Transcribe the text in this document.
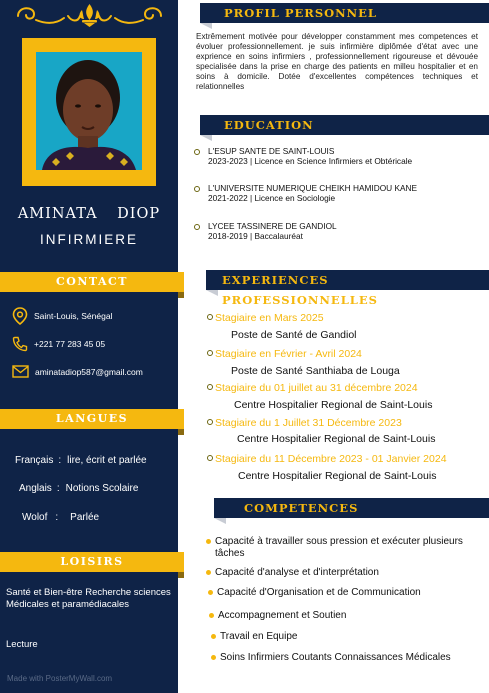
AMINATA DIOP
INFIRMIERE
CONTACT
Saint-Louis, Sénégal
+221 77 283 45 05
aminatadiop587@gmail.com
LANGUES
Français : lire, écrit et parlée
Anglais : Notions Scolaire
Wolof : Parlée
LOISIRS
Santé et Bien-être Recherche sciences Médicales et paramédiacales
Lecture
Made with PosterMyWall.com
PROFIL PERSONNEL
Extrêmement motivée pour développer constamment mes competences et évoluer professionnellement. je suis infirmière diplômée d'état avec une exprience en soins infirmiers , professionnellement rigoureuse et dévouée specialisée dans la prise en charge des patients en milleu hospitalier et en soins à domicile. Dotée d'excellentes compétences techniques et relationnelles
EDUCATION
L'ESUP SANTE DE SAINT-LOUIS
2023-2023 | Licence en Science Infirmiers et Obtéricale
L'UNIVERSITE NUMERIQUE CHEIKH HAMIDOU KANE
2021-2022 | Licence en Sociologie
LYCEE TASSINERE DE GANDIOL
2018-2019 | Baccalauréat
EXPERIENCES PROFESSIONNELLES
Stagiaire en Mars 2025
Poste de Santé de Gandiol
Stagiaire en Février - Avril 2024
Poste de Santé Santhiaba de Louga
Stagiaire du 01 juillet au 31 décembre 2024
Centre Hospitalier Regional de Saint-Louis
Stagiaire du 1 Juillet 31 Décembre 2023
Centre Hospitalier Regional de Saint-Louis
Stagiaire du 11 Décembre 2023 - 01 Janvier 2024
Centre Hospitalier Regional de Saint-Louis
COMPETENCES
Capacité à travailler sous pression et exécuter plusieurs tâches
Capacité d'analyse et d'interprétation
Capacité d'Organisation et de Communication
Accompagnement et Soutien
Travail en Equipe
Soins Infirmiers Coutants Connaissances Médicales
